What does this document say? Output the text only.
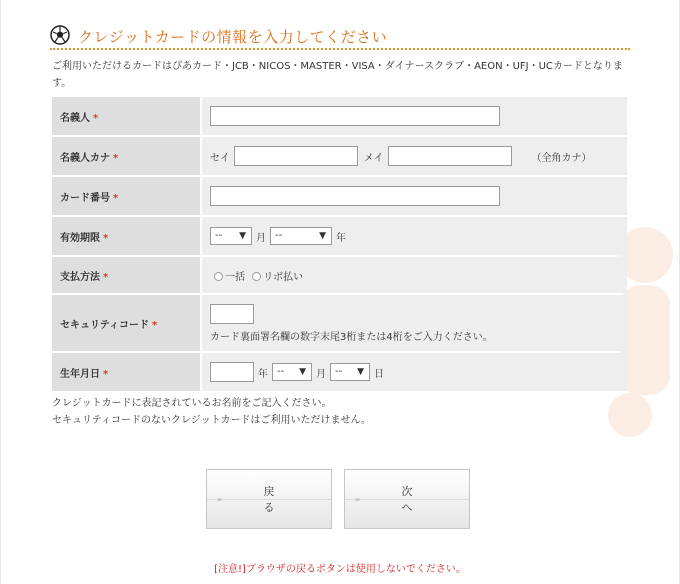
クレジットカードの情報を入力してください
ご利用いただけるカードはぴあカード・JCB・NICOS・MASTER・VISA・ダイナースクラブ・AEON・UFJ・UCカードとなります。
名義人 *	
名義人カナ *	セイ メイ （全角カナ）
カード番号 *	
有効期限 *	-- ▼ 月 -- ▼ 年
支払方法 *	一括 リボ払い
セキュリティコード *	カード裏面署名欄の数字末尾3桁または4桁をご入力ください。

生年月日 *	年 -- ▼ 月 -- ▼ 日
クレジットカードに表記されているお名前をご記入ください。
セキュリティコードのないクレジットカードはご利用いただけません。
»
戻る
»
次へ
[注意!]ブラウザの戻るボタンは使用しないでください。
